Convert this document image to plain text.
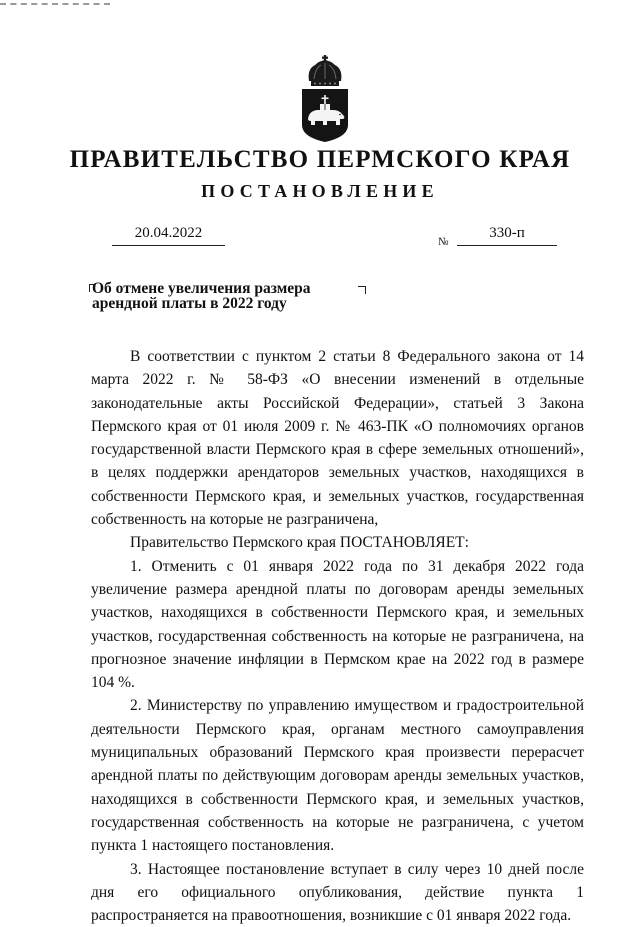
ПРАВИТЕЛЬСТВО ПЕРМСКОГО КРАЯ
ПОСТАНОВЛЕНИЕ
20.04.2022
№
330-п
Об отмене увеличения размера
арендной платы в 2022 году

В соответствии с пунктом 2 статьи 8 Федерального закона от 14 марта 2022 г. № 58-ФЗ «О внесении изменений в отдельные законодательные акты Российской Федерации», статьей 3 Закона Пермского края от 01 июля 2009 г. № 463-ПК «О полномочиях органов государственной власти Пермского края в сфере земельных отношений», в целях поддержки арендаторов земельных участков, находящихся в собственности Пермского края, и земельных участков, государственная собственность на которые не разграничена,

Правительство Пермского края ПОСТАНОВЛЯЕТ:

1. Отменить с 01 января 2022 года по 31 декабря 2022 года увеличение размера арендной платы по договорам аренды земельных участков, находящихся в собственности Пермского края, и земельных участков, государственная собственность на которые не разграничена, на прогнозное значение инфляции в Пермском крае на 2022 год в размере 104 %.

2. Министерству по управлению имуществом и градостроительной деятельности Пермского края, органам местного самоуправления муниципальных образований Пермского края произвести перерасчет арендной платы по действующим договорам аренды земельных участков, находящихся в собственности Пермского края, и земельных участков, государственная собственность на которые не разграничена, с учетом пункта 1 настоящего постановления.

3. Настоящее постановление вступает в силу через 10 дней после дня его официального опубликования, действие пункта 1 распространяется на правоотношения, возникшие с 01 января 2022 года.
